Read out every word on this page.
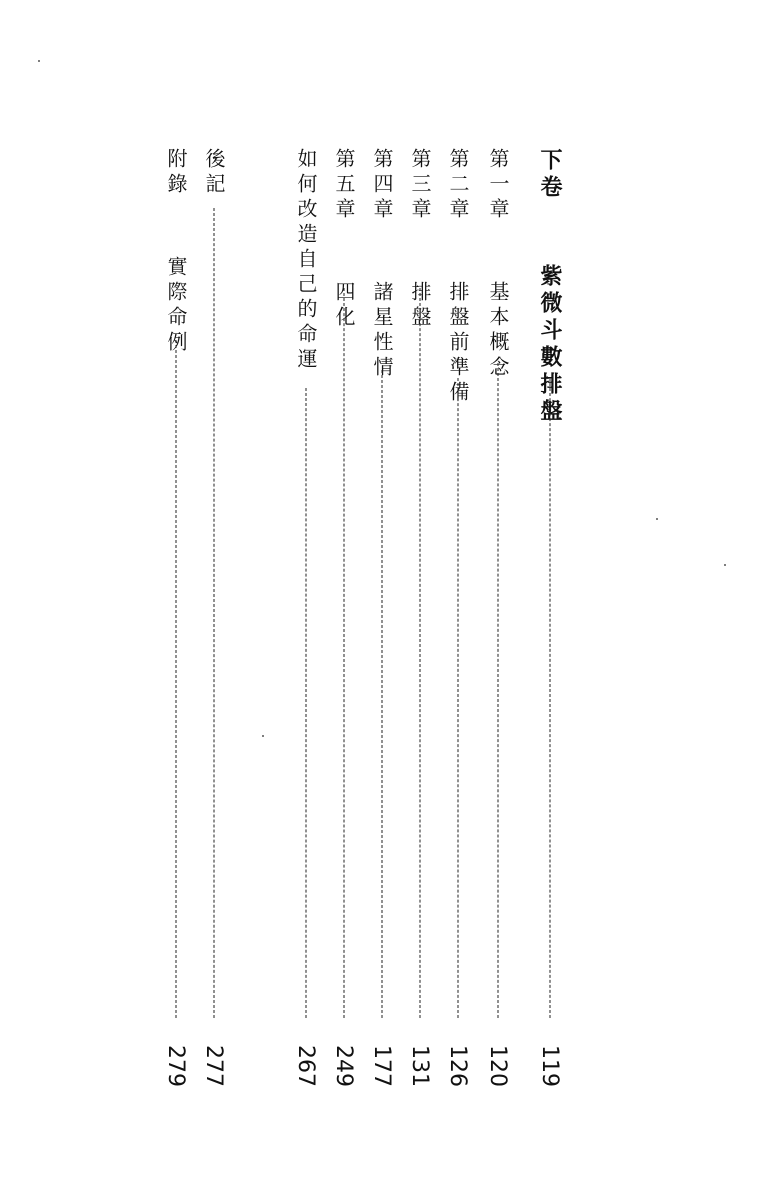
下卷  紫微斗數排盤
119
第一章  基本概念
120
第二章  排盤前準備
126
第三章  排盤
131
第四章  諸星性情
177
第五章  四化
249
如何改造自己的命運
267
後記
277
附錄  實際命例
279
